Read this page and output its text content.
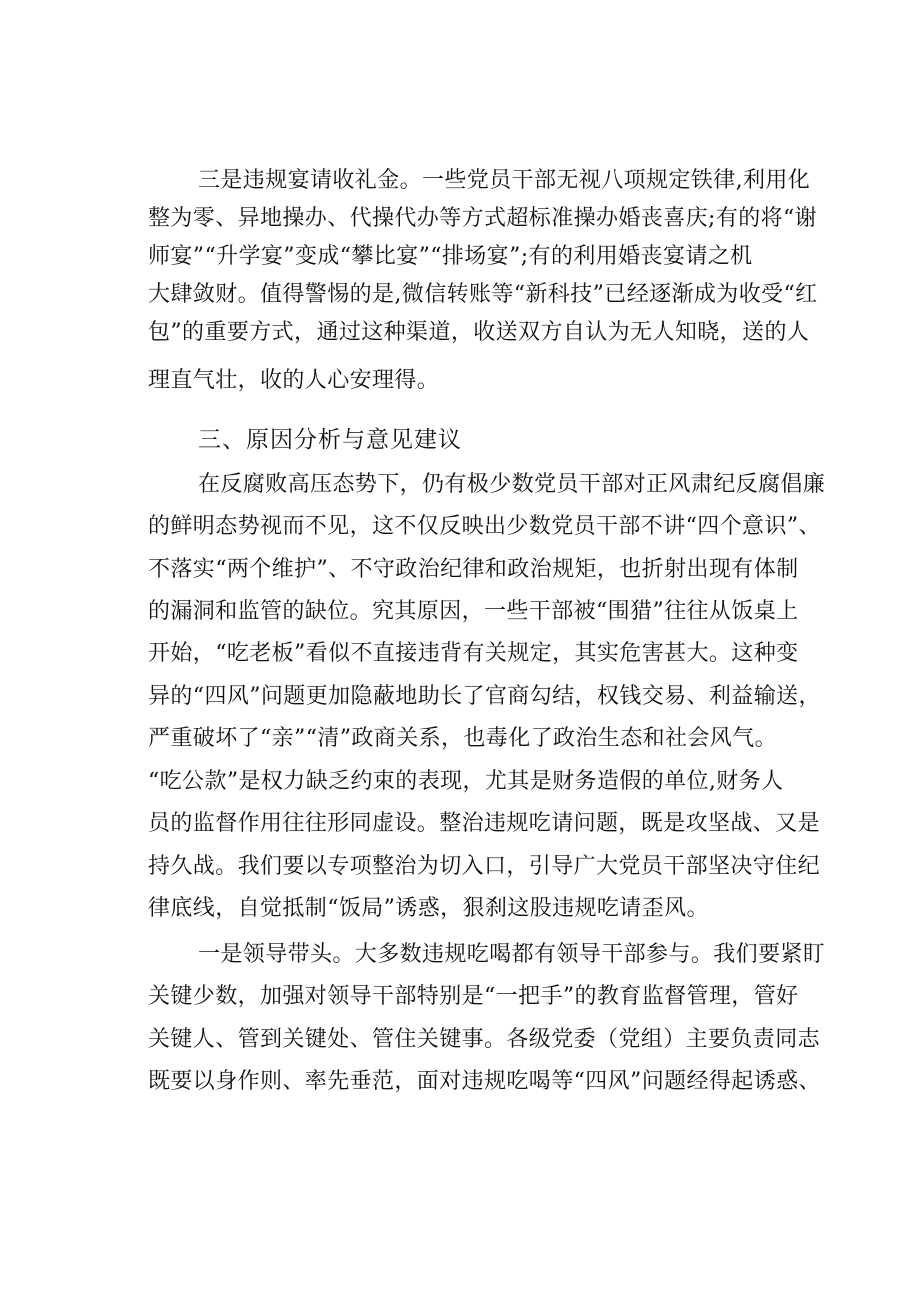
三是违规宴请收礼金。一些党员干部无视八项规定铁律,利用化
整为零、异地操办、代操代办等方式超标准操办婚丧喜庆;有的将“谢
师宴”“升学宴”变成“攀比宴”“排场宴”;有的利用婚丧宴请之机
大肆敛财。值得警惕的是,微信转账等“新科技”已经逐渐成为收受“红
包”的重要方式，通过这种渠道，收送双方自认为无人知晓，送的人
理直气壮，收的人心安理得。
三、原因分析与意见建议
在反腐败高压态势下，仍有极少数党员干部对正风肃纪反腐倡廉
的鲜明态势视而不见，这不仅反映出少数党员干部不讲“四个意识”、
不落实“两个维护”、不守政治纪律和政治规矩，也折射出现有体制
的漏洞和监管的缺位。究其原因，一些干部被“围猎”往往从饭桌上
开始，“吃老板”看似不直接违背有关规定，其实危害甚大。这种变
异的“四风”问题更加隐蔽地助长了官商勾结，权钱交易、利益输送，
严重破坏了“亲”“清”政商关系，也毒化了政治生态和社会风气。
“吃公款”是权力缺乏约束的表现，尤其是财务造假的单位,财务人
员的监督作用往往形同虚设。整治违规吃请问题，既是攻坚战、又是
持久战。我们要以专项整治为切入口，引导广大党员干部坚决守住纪
律底线，自觉抵制“饭局”诱惑，狠刹这股违规吃请歪风。
一是领导带头。大多数违规吃喝都有领导干部参与。我们要紧盯
关键少数，加强对领导干部特别是“一把手”的教育监督管理，管好
关键人、管到关键处、管住关键事。各级党委（党组）主要负责同志
既要以身作则、率先垂范，面对违规吃喝等“四风”问题经得起诱惑、
